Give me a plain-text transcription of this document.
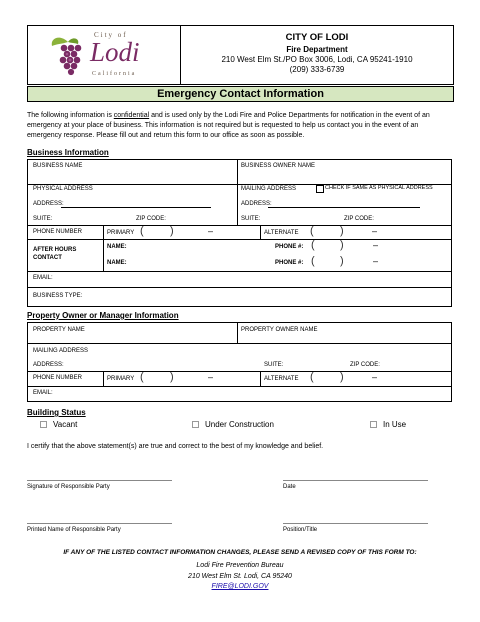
City of
Lodi
California
CITY OF LODI
Fire Department
210 West Elm St./PO Box 3006, Lodi, CA 95241-1910
(209) 333-6739
Emergency Contact Information
The following information is confidential and is used only by the Lodi Fire and Police Departments for notification in the event of an emergency at your place of business. This information is not required but is requested to help us contact you in the event of an emergency response. Please fill out and return this form to our office as soon as possible.
Business Information
BUSINESS NAME	BUSINESS OWNER NAME
PHYSICAL ADDRESS	MAILING ADDRESS	CHECK IF SAME AS PHYSICAL ADDRESS
ADDRESS:	ADDRESS:
SUITE:	ZIP CODE:	SUITE:	ZIP CODE:
PHONE NUMBER	PRIMARY ( )	–	ALTERNATE ( )	–
AFTER HOURS CONTACT
NAME:	PHONE #: ( )	–
NAME:	PHONE #: ( )	–
EMAIL:
BUSINESS TYPE:
Property Owner or Manager Information
PROPERTY NAME	PROPERTY OWNER NAME
MAILING ADDRESS
ADDRESS:	SUITE:	ZIP CODE:
PHONE NUMBER	PRIMARY ( )	–	ALTERNATE ( )	–
EMAIL:
Building Status
Vacant	Under Construction	In Use
I certify that the above statement(s) are true and correct to the best of my knowledge and belief.
Signature of Responsible Party	Date
Printed Name of Responsible Party	Position/Title
IF ANY OF THE LISTED CONTACT INFORMATION CHANGES, PLEASE SEND A REVISED COPY OF THIS FORM TO:
Lodi Fire Prevention Bureau
210 West Elm St. Lodi, CA 95240
FIRE@LODI.GOV
